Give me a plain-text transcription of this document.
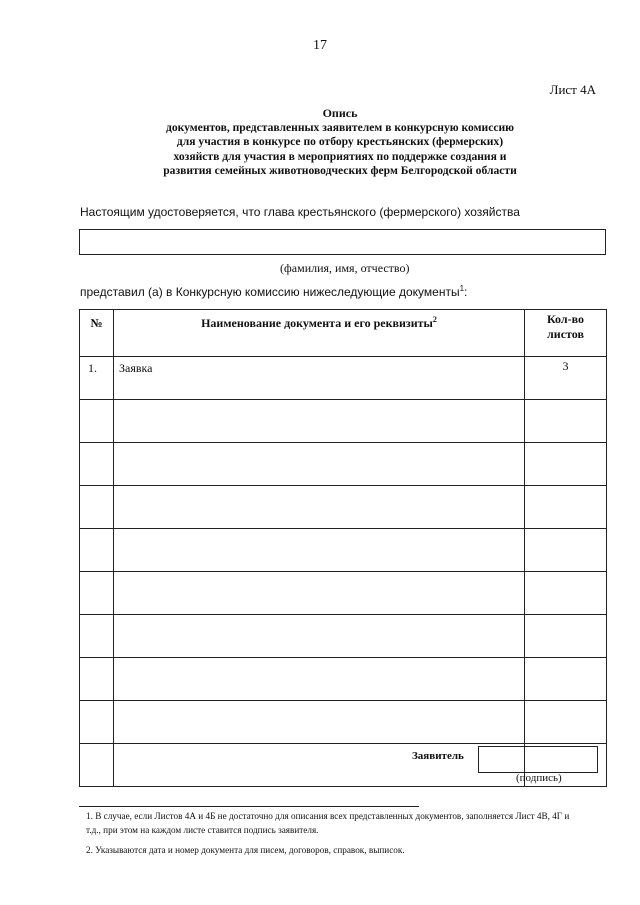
17
Лист 4А
Опись
документов, представленных заявителем в конкурсную комиссию
для участия в конкурсе по отбору крестьянских (фермерских)
хозяйств для участия в мероприятиях по поддержке создания и
развития семейных животноводческих ферм Белгородской области
Настоящим удостоверяется, что глава крестьянского (фермерского) хозяйства
(фамилия, имя, отчество)
представил (а) в Конкурсную комиссию нижеследующие документы$^1$:
№	Наименование документа и его реквизиты$^2$	Кол-во
листов

1.	Заявка	3

Заявитель
(подпись)
1. В случае, если Листов 4А и 4Б не достаточно для описания всех представленных документов, заполняется Лист 4В, 4Г и
т.д., при этом на каждом листе ставится подпись заявителя.
2. Указываются дата и номер документа для писем, договоров, справок, выписок.
